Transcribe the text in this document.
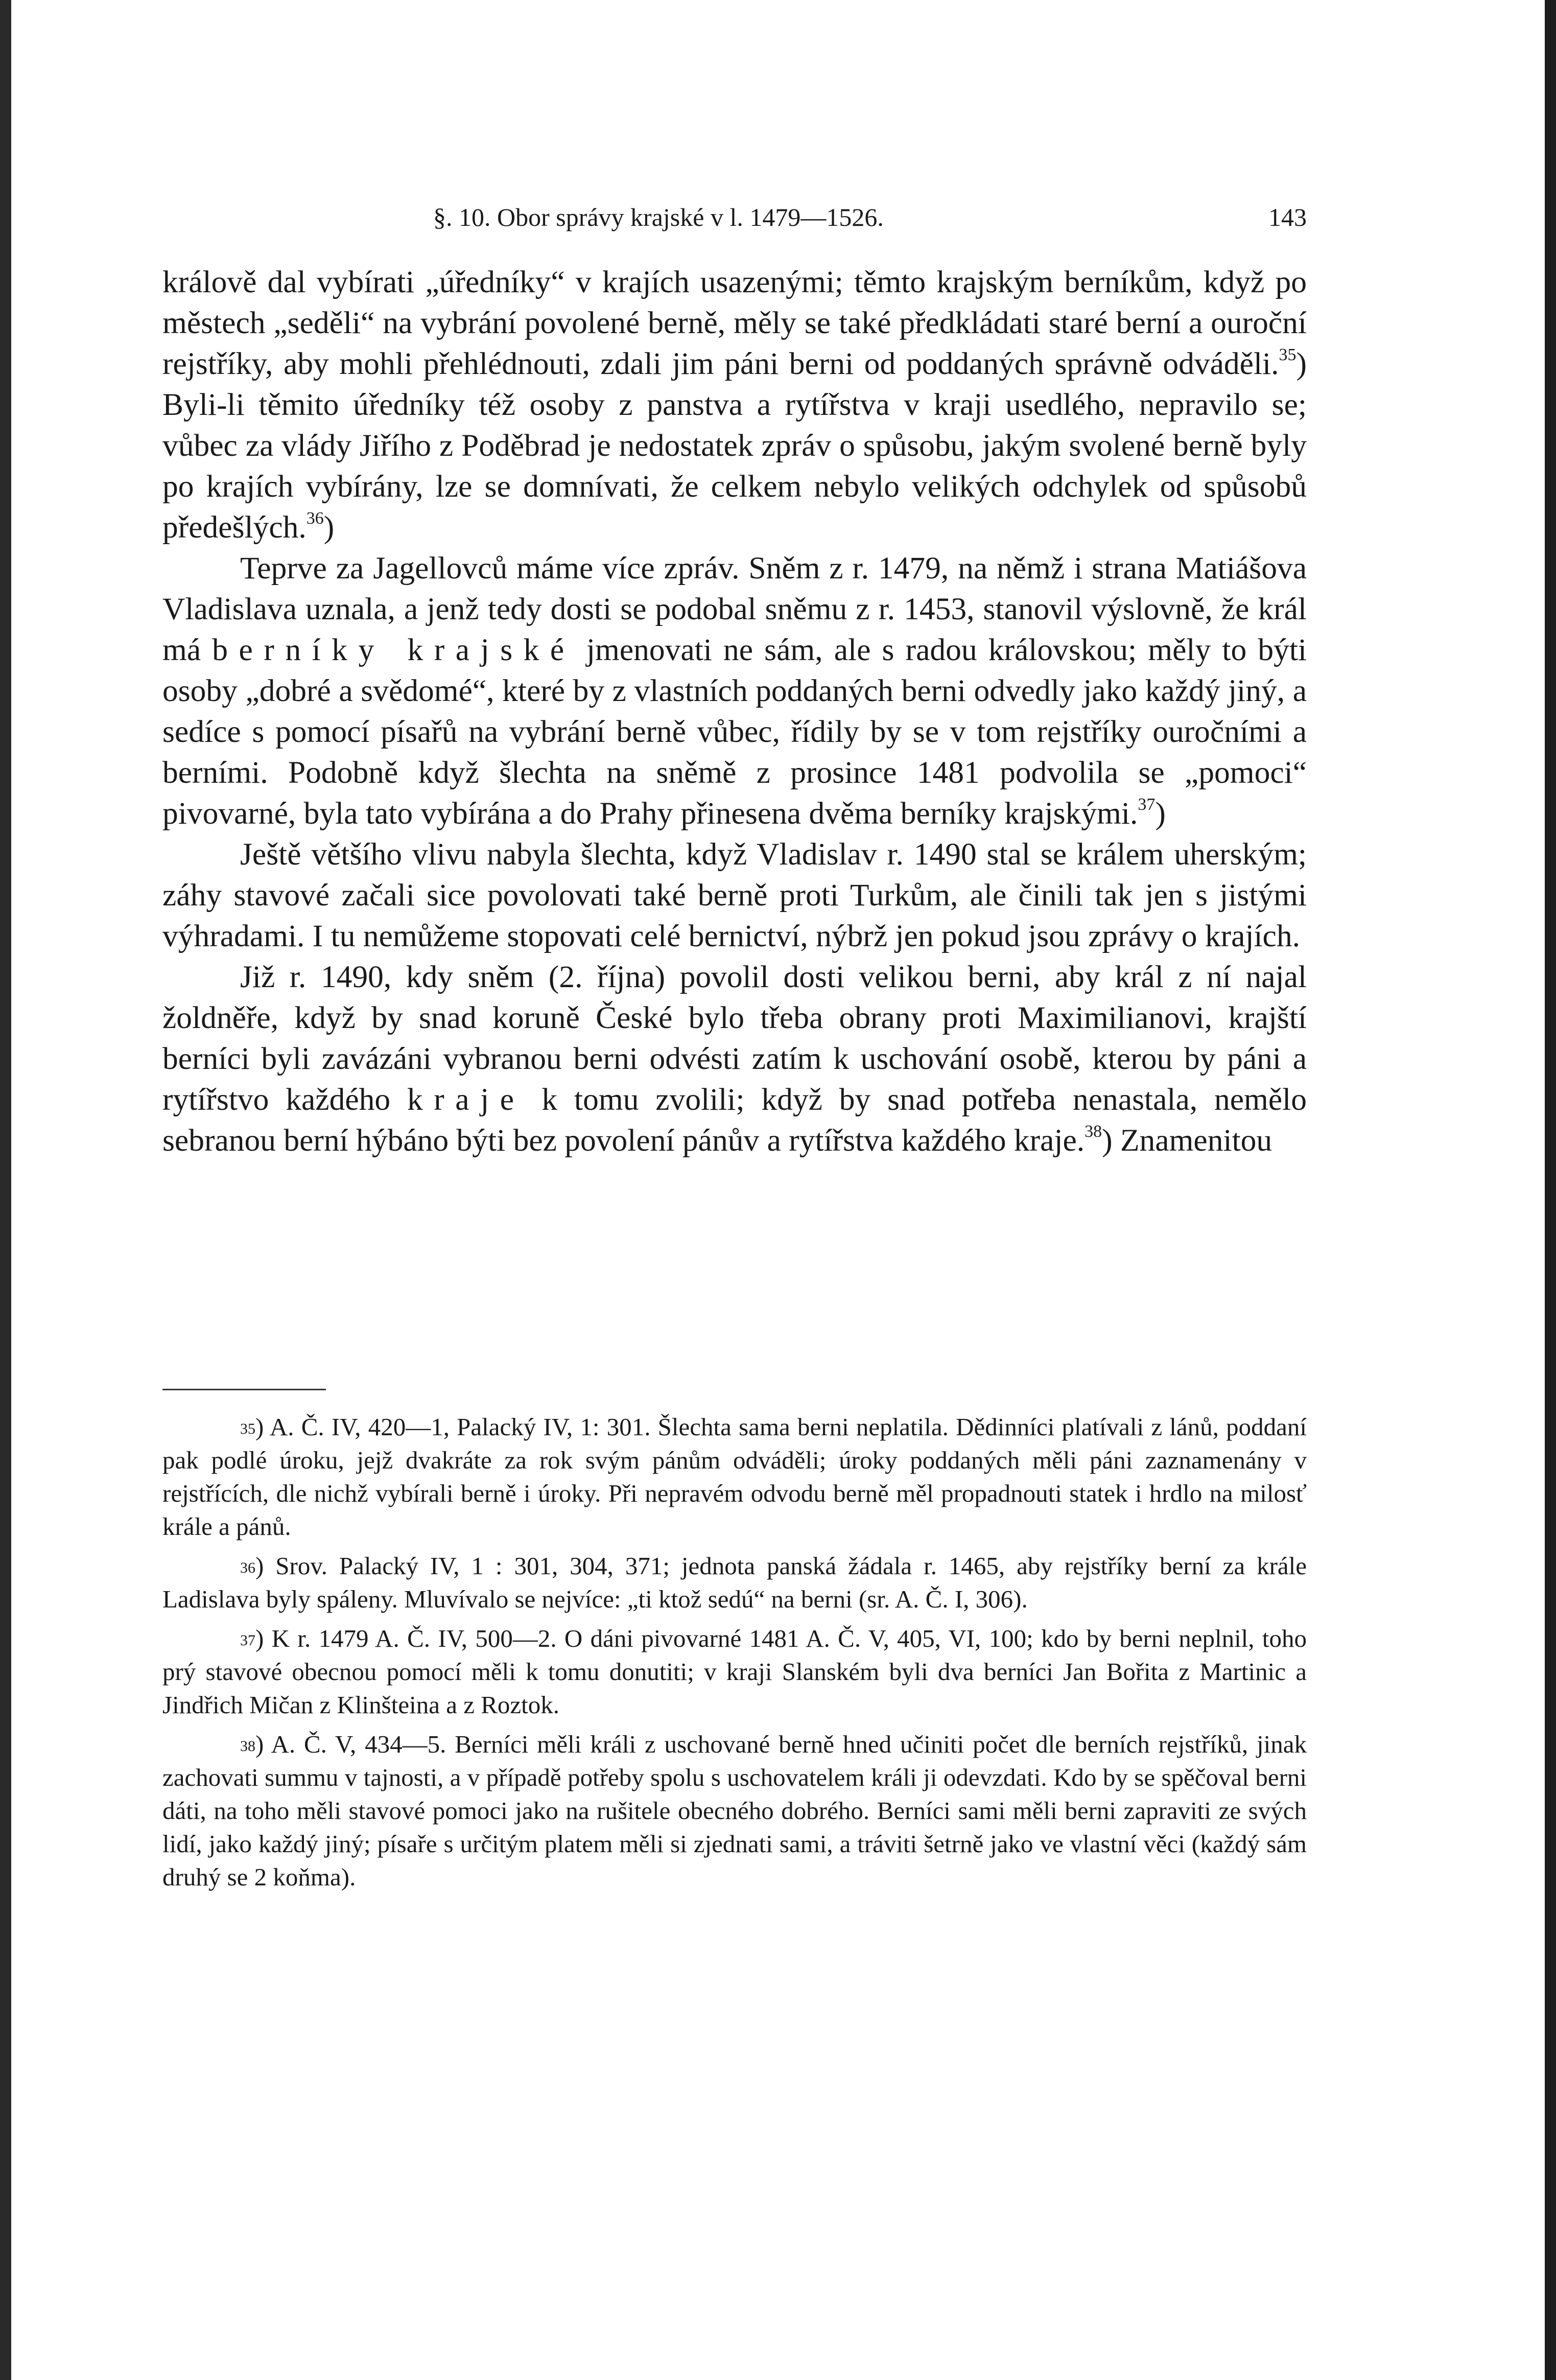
§. 10. Obor správy krajské v l. 1479—1526.	143

králově dal vybírati „úředníky“ v krajích usazenými; těmto krajským berníkům, když po městech „seděli“ na vybrání povolené berně, měly se také předkládati staré berní a ouroční rejstříky, aby mohli přehlédnouti, zdali jim páni berni od poddaných správně odváděli.$^{35}$) Byli-li těmito úředníky též osoby z panstva a rytířstva v kraji usedlého, nepravilo se; vůbec za vlády Jiřího z Poděbrad je nedostatek zpráv o spůsobu, jakým svolené berně byly po krajích vybírány, lze se domnívati, že celkem nebylo velikých odchylek od spůsobů předešlých.$^{36}$)

Teprve za Jagellovců máme více zpráv. Sněm z r. 1479, na němž i strana Matiášova Vladislava uznala, a jenž tedy dosti se podobal sněmu z r. 1453, stanovil výslovně, že král má berníky krajské jmenovati ne sám, ale s radou královskou; měly to býti osoby „dobré a svědomé“, které by z vlastních poddaných berni odvedly jako každý jiný, a sedíce s pomocí písařů na vybrání berně vůbec, řídily by se v tom rejstříky ouročními a berními. Podobně když šlechta na sněmě z prosince 1481 podvolila se „pomoci“ pivovarné, byla tato vybírána a do Prahy přinesena dvěma berníky krajskými.$^{37}$)

Ještě většího vlivu nabyla šlechta, když Vladislav r. 1490 stal se králem uherským; záhy stavové začali sice povolovati také berně proti Turkům, ale činili tak jen s jistými výhradami. I tu nemůžeme stopovati celé bernictví, nýbrž jen pokud jsou zprávy o krajích.

Již r. 1490, kdy sněm (2. října) povolil dosti velikou berni, aby král z ní najal žoldněře, když by snad koruně České bylo třeba obrany proti Maximilianovi, krajští berníci byli zavázáni vybranou berni odvésti zatím k uschování osobě, kterou by páni a rytířstvo každého kraje k tomu zvolili; když by snad potřeba nenastala, nemělo sebranou berní hýbáno býti bez povolení pánův a rytířstva každého kraje.$^{38}$) Znamenitou

$^{35}$) A. Č. IV, 420—1, Palacký IV, 1: 301. Šlechta sama berni neplatila. Dědinníci platívali z lánů, poddaní pak podlé úroku, jejž dvakráte za rok svým pánům odváděli; úroky poddaných měli páni zaznamenány v rejstřících, dle nichž vybírali berně i úroky. Při nepravém odvodu berně měl propadnouti statek i hrdlo na milosť krále a pánů.

$^{36}$) Srov. Palacký IV, 1 : 301, 304, 371; jednota panská žádala r. 1465, aby rejstříky berní za krále Ladislava byly spáleny. Mluvívalo se nejvíce: „ti ktož sedú“ na berni (sr. A. Č. I, 306).

$^{37}$) K r. 1479 A. Č. IV, 500—2. O dáni pivovarné 1481 A. Č. V, 405, VI, 100; kdo by berni neplnil, toho prý stavové obecnou pomocí měli k tomu donutiti; v kraji Slanském byli dva berníci Jan Bořita z Martinic a Jindřich Mičan z Klinšteina a z Roztok.

$^{38}$) A. Č. V, 434—5. Berníci měli králi z uschované berně hned učiniti počet dle berních rejstříků, jinak zachovati summu v tajnosti, a v případě potřeby spolu s uschovatelem králi ji odevzdati. Kdo by se spěčoval berni dáti, na toho měli stavové pomoci jako na rušitele obecného dobrého. Berníci sami měli berni zapraviti ze svých lidí, jako každý jiný; písaře s určitým platem měli si zjednati sami, a tráviti šetrně jako ve vlastní věci (každý sám druhý se 2 koňma).
